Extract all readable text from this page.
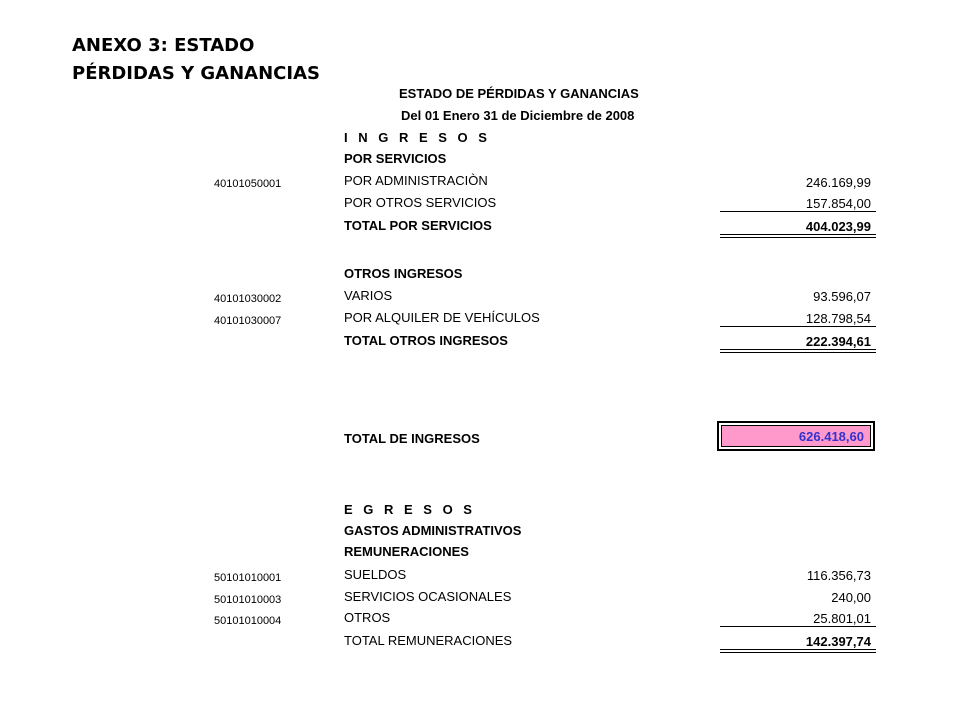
ANEXO 3: ESTADO
PÉRDIDAS Y GANANCIAS
ESTADO DE PÉRDIDAS Y GANANCIAS
Del 01 Enero 31 de Diciembre de 2008
I N G R E S O S
POR SERVICIOS
40101050001	POR ADMINISTRACIÒN	246.169,99
POR OTROS SERVICIOS	157.854,00
TOTAL POR SERVICIOS	404.023,99
OTROS INGRESOS
40101030002	VARIOS	93.596,07
40101030007	POR ALQUILER DE VEHÍCULOS	128.798,54
TOTAL OTROS INGRESOS	222.394,61
TOTAL DE INGRESOS	626.418,60
E G R E S O S
GASTOS ADMINISTRATIVOS
REMUNERACIONES
50101010001	SUELDOS	116.356,73
50101010003	SERVICIOS OCASIONALES	240,00
50101010004	OTROS	25.801,01
TOTAL REMUNERACIONES	142.397,74
